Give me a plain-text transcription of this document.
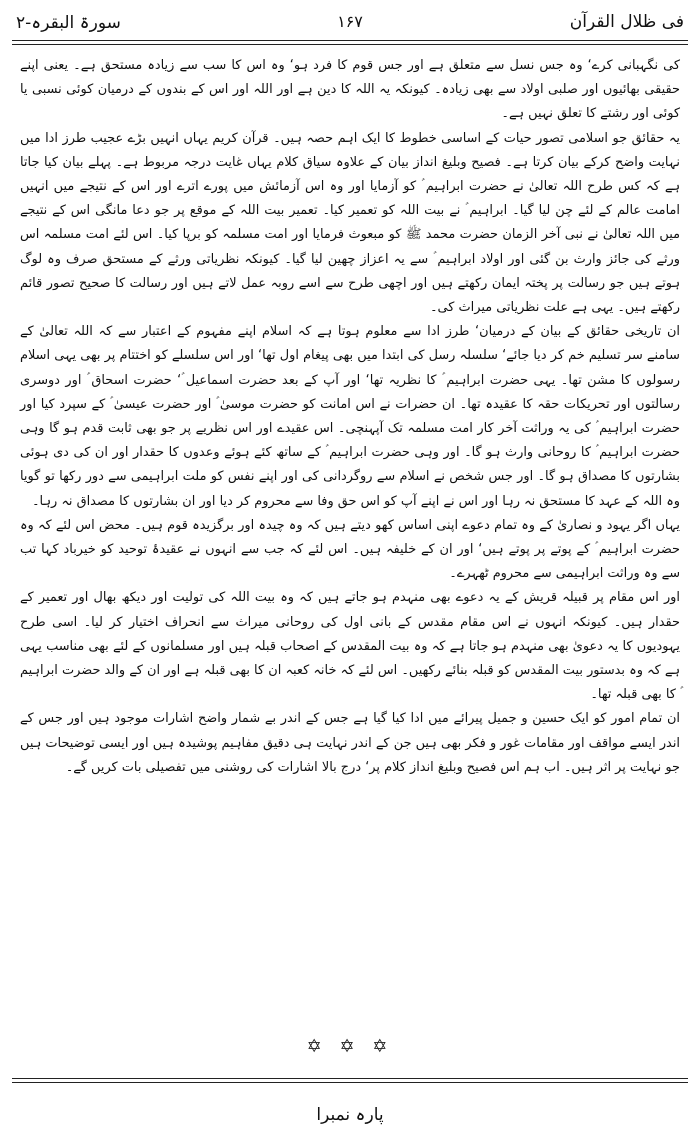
فی ظلال القرآن
۱۶۷
سورۃ البقرہ-۲

کی نگہبانی کرے‘ وہ جس نسل سے متعلق ہے اور جس قوم کا فرد ہو‘ وہ اس کا سب سے زیادہ مستحق ہے۔ یعنی اپنے حقیقی بھائیوں اور صلبی اولاد سے بھی زیادہ۔ کیونکہ یہ اللہ کا دین ہے اور اللہ اور اس کے بندوں کے درمیان کوئی نسبی یا کوئی اور رشتے کا تعلق نہیں ہے۔

یہ حقائق جو اسلامی تصور حیات کے اساسی خطوط کا ایک اہم حصہ ہیں۔ قرآن کریم یہاں انہیں بڑے عجیب طرز ادا میں نہایت واضح کرکے بیان کرتا ہے۔ فصیح وبلیغ انداز بیان کے علاوہ سیاق کلام یہاں غایت درجہ مربوط ہے۔ پہلے بیان کیا جاتا ہے کہ کس طرح اللہ تعالیٰ نے حضرت ابراہیم ؑ کو آزمایا اور وہ اس آزمائش میں پورے اترے اور اس کے نتیجے میں انہیں امامت عالم کے لئے چن لیا گیا۔ ابراہیم ؑ نے بیت اللہ کو تعمیر کیا۔ تعمیر بیت اللہ کے موقع پر جو دعا مانگی اس کے نتیجے میں اللہ تعالیٰ نے نبی آخر الزمان حضرت محمد ﷺ کو مبعوث فرمایا اور امت مسلمہ کو برپا کیا۔ اس لئے امت مسلمہ اس ورثے کی جائز وارث بن گئی اور اولاد ابراہیم ؑ سے یہ اعزاز چھین لیا گیا۔ کیونکہ نظریاتی ورثے کے مستحق صرف وہ لوگ ہوتے ہیں جو رسالت پر پختہ ایمان رکھتے ہیں اور اچھی طرح سے اسے روبہ عمل لاتے ہیں اور رسالت کا صحیح تصور قائم رکھتے ہیں۔ یہی ہے علت نظریاتی میراث کی۔

ان تاریخی حقائق کے بیان کے درمیان‘ طرز ادا سے معلوم ہوتا ہے کہ اسلام اپنے مفہوم کے اعتبار سے کہ اللہ تعالیٰ کے سامنے سر تسلیم خم کر دیا جائے‘ سلسلہ رسل کی ابتدا میں بھی پیغام اول تھا‘ اور اس سلسلے کو اختتام پر بھی یہی اسلام رسولوں کا مشن تھا۔ یہی حضرت ابراہیم ؑ کا نظریہ تھا‘ اور آپ کے بعد حضرت اسماعیل ؑ‘ حضرت اسحاق ؑ اور دوسری رسالتوں اور تحریکات حقہ کا عقیدہ تھا۔ ان حضرات نے اس امانت کو حضرت موسیٰ ؑ اور حضرت عیسیٰ ؑ کے سپرد کیا اور حضرت ابراہیم ؑ کی یہ وراثت آخر کار امت مسلمہ تک آپہنچی۔ اس عقیدے اور اس نظریے پر جو بھی ثابت قدم ہو گا وہی حضرت ابراہیم ؑ کا روحانی وارث ہو گا۔ اور وہی حضرت ابراہیم ؑ کے ساتھ کئے ہوئے وعدوں کا حقدار اور ان کی دی ہوئی بشارتوں کا مصداق ہو گا۔ اور جس شخص نے اسلام سے روگردانی کی اور اپنے نفس کو ملت ابراہیمی سے دور رکھا تو گویا وہ اللہ کے عہد کا مستحق نہ رہا اور اس نے اپنے آپ کو اس حق وفا سے محروم کر دیا اور ان بشارتوں کا مصداق نہ رہا۔

یہاں اگر یہود و نصاریٰ کے وہ تمام دعوے اپنی اساس کھو دیتے ہیں کہ وہ چیدہ اور برگزیدہ قوم ہیں۔ محض اس لئے کہ وہ حضرت ابراہیم ؑ کے پوتے پر پوتے ہیں‘ اور ان کے خلیفہ ہیں۔ اس لئے کہ جب سے انہوں نے عقیدۂ توحید کو خیرباد کہا تب سے وہ وراثت ابراہیمی سے محروم ٹھہرے۔

اور اس مقام پر قبیلہ قریش کے یہ دعوے بھی منہدم ہو جاتے ہیں کہ وہ بیت اللہ کی تولیت اور دیکھ بھال اور تعمیر کے حقدار ہیں۔ کیونکہ انہوں نے اس مقام مقدس کے بانی اول کی روحانی میراث سے انحراف اختیار کر لیا۔ اسی طرح یہودیوں کا یہ دعویٰ بھی منہدم ہو جاتا ہے کہ وہ بیت المقدس کے اصحاب قبلہ ہیں اور مسلمانوں کے لئے بھی مناسب یہی ہے کہ وہ بدستور بیت المقدس کو قبلہ بنائے رکھیں۔ اس لئے کہ خانہ کعبہ ان کا بھی قبلہ ہے اور ان کے والد حضرت ابراہیم ؑ کا بھی قبلہ تھا۔

ان تمام امور کو ایک حسین و جمیل پیرائے میں ادا کیا گیا ہے جس کے اندر بے شمار واضح اشارات موجود ہیں اور جس کے اندر ایسے مواقف اور مقامات غور و فکر بھی ہیں جن کے اندر نہایت ہی دقیق مفاہیم پوشیدہ ہیں اور ایسی توضیحات ہیں جو نہایت پر اثر ہیں۔ اب ہم اس فصیح وبلیغ انداز کلام پر‘ درج بالا اشارات کی روشنی میں تفصیلی بات کریں گے۔

✡ ✡ ✡
پارہ نمبرا
